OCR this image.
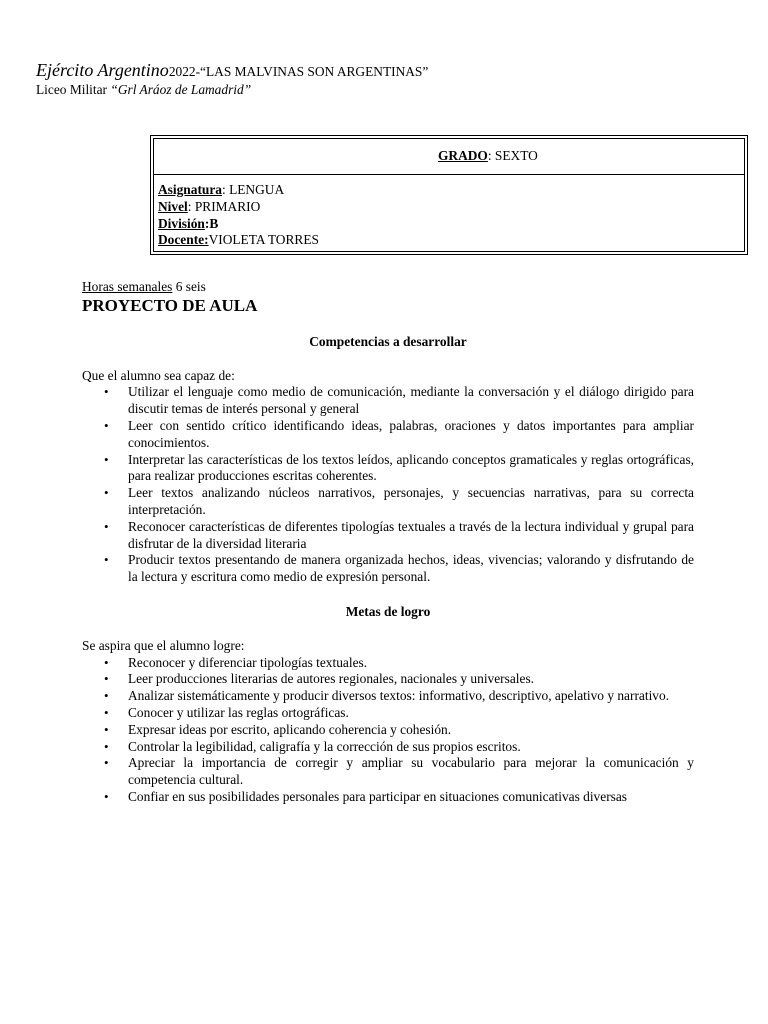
Ejército Argentino2022-“LAS MALVINAS SON ARGENTINAS”
Liceo Militar “Grl Aráoz de Lamadrid”
GRADO: SEXTO
Asignatura: LENGUA
Nivel: PRIMARIO
División:B
Docente:VIOLETA TORRES
Horas semanales 6 seis
PROYECTO DE AULA
Competencias a desarrollar
Que el alumno sea capaz de:
• Utilizar el lenguaje como medio de comunicación, mediante la conversación y el diálogo dirigido para discutir temas de interés personal y general
• Leer con sentido crítico identificando ideas, palabras, oraciones y datos importantes para ampliar conocimientos.
• Interpretar las características de los textos leídos, aplicando conceptos gramaticales y reglas ortográficas, para realizar producciones escritas coherentes.
• Leer textos analizando núcleos narrativos, personajes, y secuencias narrativas, para su correcta interpretación.
• Reconocer características de diferentes tipologías textuales a través de la lectura individual y grupal para disfrutar de la diversidad literaria
• Producir textos presentando de manera organizada hechos, ideas, vivencias; valorando y disfrutando de la lectura y escritura como medio de expresión personal.
Metas de logro
Se aspira que el alumno logre:
• Reconocer y diferenciar tipologías textuales.
• Leer producciones literarias de autores regionales, nacionales y universales.
• Analizar sistemáticamente y producir diversos textos: informativo, descriptivo, apelativo y narrativo.
• Conocer y utilizar las reglas ortográficas.
• Expresar ideas por escrito, aplicando coherencia y cohesión.
• Controlar la legibilidad, caligrafía y la corrección de sus propios escritos.
• Apreciar la importancia de corregir y ampliar su vocabulario para mejorar la comunicación y competencia cultural.
• Confiar en sus posibilidades personales para participar en situaciones comunicativas diversas
